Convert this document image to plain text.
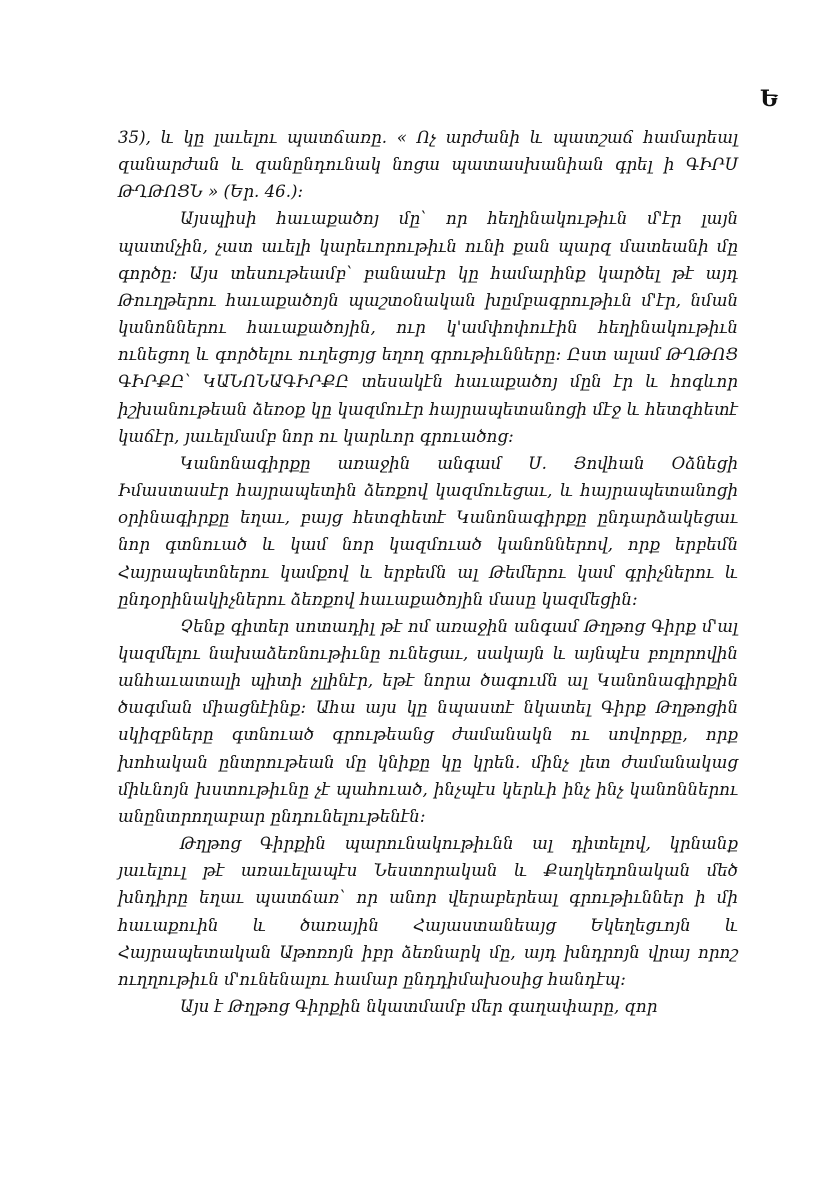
Ե

35), և կը լաւելու պատճառը. « Ոչ արժանի և պատշաճ համարեալ զանարժան և զանընդունակ նոցա պատասխանիան գրել ի ԳԻՐՍ ԹՂԹՈՑՆ » (Եր. 46.)։

Այսպիսի հաւաքածոյ մը՝ որ հեղինակութիւն մ'էր լայն պատմչին, չատ աւելի կարեւորութիւն ունի քան պարզ մատեանի մը գործը։ Այս տեսութեամբ՝ բանասէր կը համարինք կարծել թէ այդ Թուղթերու հաւաքածոյն պաշտօնական խըմբագրութիւն մ'էր, նման կանոններու հաւաքածոյին, ուր կ'ամփոփուէին հեղինակութիւն ունեցող և գործելու ուղեցոյց եղող գրութիւնները։ Ըստ ալամ ԹՂԹՈՑ ԳԻՐՔԸ՝ ԿԱՆՈՆԱԳԻՐՔԸ տեսակէն հաւաքածոյ մըն էր և հոգևոր իշխանութեան ձեռօք կը կազմուէր հայրապետանոցի մէջ և հետզհետէ կաճէր, յաւելմամբ նոր ու կարևոր գրուածոց։

Կանոնագիրքը առաջին անգամ Ս. Յովհան Օձնեցի Իմաստասէր հայրապետին ձեռքով կազմուեցաւ, և հայրապետանոցի օրինագիրքը եղաւ, բայց հետզհետէ Կանոնագիրքը ընդարձակեցաւ նոր գտնուած և կամ նոր կազմուած կանոններով, որք երբեմն Հայրապետներու կամքով և երբեմն ալ Թեմերու կամ գրիչներու և ընդօրինակիչներու ձեռքով հաւաքածոյին մասը կազմեցին։

Չենք գիտեր սոտադիլ թէ ոմ առաջին անգամ Թղթոց Գիրք մ'ալ կազմելու նախաձեռնութիւնը ունեցաւ, սակայն և այնպէս բոլորովին անհաւատալի պիտի չլլինէր, եթէ նորա ծագումն ալ Կանոնագիրքին ծագման միացնէինք։ Ահա այս կը նպաստէ նկատել Գիրք Թղթոցին սկիզբները գտնուած գրութեանց ժամանակն ու սովորքը, որք խոհական ընտրութեան մը կնիքը կը կրեն. մինչ լետ ժամանակաց միևնոյն խստութիւնը չէ պահուած, ինչպէս կերևի ինչ ինչ կանոններու անընտրողաբար ընդունելութենէն։

Թղթոց Գիրքին պարունակութիւնն ալ դիտելով, կրնանք յաւելուլ թէ առաւելապէս Նեստորական և Քաղկեդոնական մեծ խնդիրը եղաւ պատճառ՝ որ անոր վերաբերեալ գրութիւններ ի մի հաւաքուին և ծառային Հայաստանեայց Եկեղեցւոյն և Հայրապետական Աթոռոյն իբր ձեռնարկ մը, այդ խնդրոյն վրայ որոշ ուղղութիւն մ'ունենալու համար ընդդիմախօսից հանդէպ։

Այս է Թղթոց Գիրքին նկատմամբ մեր գաղափարը, զոր
